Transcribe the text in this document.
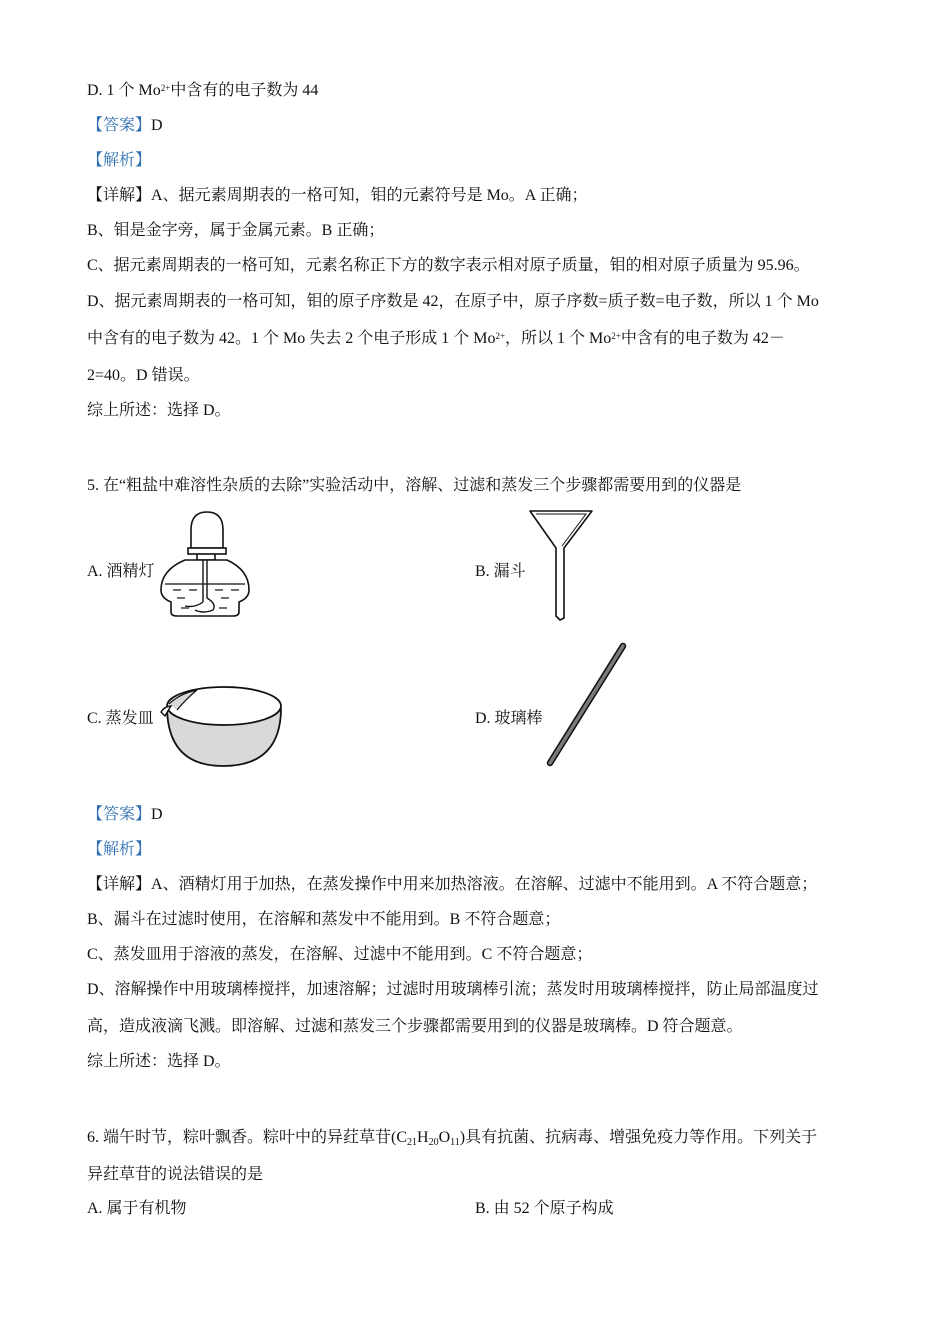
D. 1 个 $Mo^{2+}$中含有的电子数为 44
【答案】D
【解析】
【详解】A、据元素周期表的一格可知，钼的元素符号是 Mo。A 正确；
B、钼是金字旁，属于金属元素。B 正确；
C、据元素周期表的一格可知，元素名称正下方的数字表示相对原子质量，钼的相对原子质量为 95.96。
D、据元素周期表的一格可知，钼的原子序数是 42，在原子中，原子序数=质子数=电子数，所以 1 个 Mo
中含有的电子数为 42。1 个 Mo 失去 2 个电子形成 1 个 $Mo^{2+}$，所以 1 个 $Mo^{2+}$中含有的电子数为 42－
2=40。D 错误。
综上所述：选择 D。
5. 在“粗盐中难溶性杂质的去除”实验活动中，溶解、过滤和蒸发三个步骤都需要用到的仪器是
A. 酒精灯	B. 漏斗
C. 蒸发皿	D. 玻璃棒
【答案】D
【解析】
【详解】A、酒精灯用于加热，在蒸发操作中用来加热溶液。在溶解、过滤中不能用到。A 不符合题意；
B、漏斗在过滤时使用，在溶解和蒸发中不能用到。B 不符合题意；
C、蒸发皿用于溶液的蒸发，在溶解、过滤中不能用到。C 不符合题意；
D、溶解操作中用玻璃棒搅拌，加速溶解；过滤时用玻璃棒引流；蒸发时用玻璃棒搅拌，防止局部温度过
高，造成液滴飞溅。即溶解、过滤和蒸发三个步骤都需要用到的仪器是玻璃棒。D 符合题意。
综上所述：选择 D。
6. 端午时节，粽叶飘香。粽叶中的异荭草苷$(C_{21}H_{20}O_{11})$具有抗菌、抗病毒、增强免疫力等作用。下列关于
异荭草苷的说法错误的是
A. 属于有机物	B. 由 52 个原子构成
